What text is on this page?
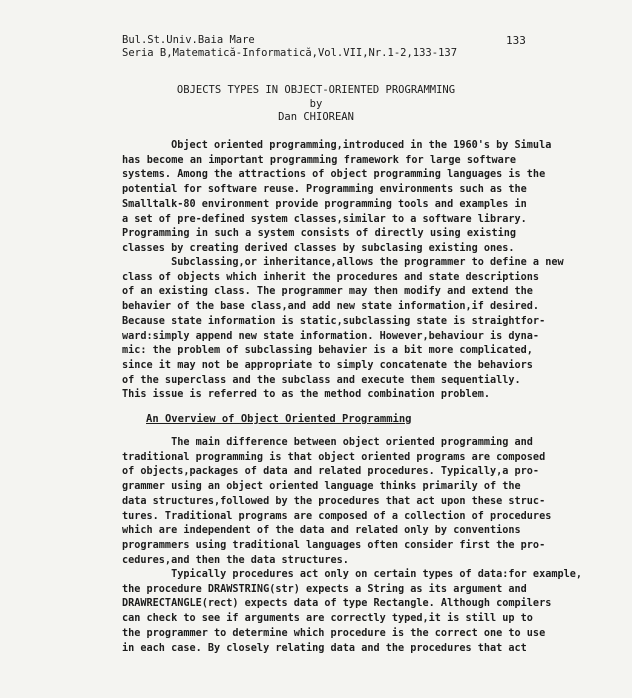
Bul.St.Univ.Baia Mare
Seria B,Matematică-Informatică,Vol.VII,Nr.1-2,133-137
133
OBJECTS TYPES IN OBJECT-ORIENTED PROGRAMMING
by
Dan CHIOREAN
Object oriented programming,introduced in the 1960's by Simula
has become an important programming framework for large software
systems. Among the attractions of object programming languages is the
potential for software reuse. Programming environments such as the
Smalltalk-80 environment provide programming tools and examples in
a set of pre-defined system classes,similar to a software library.
Programming in such a system consists of directly using existing
classes by creating derived classes by subclasing existing ones.
Subclassing,or inheritance,allows the programmer to define a new
class of objects which inherit the procedures and state descriptions
of an existing class. The programmer may then modify and extend the
behavier of the base class,and add new state information,if desired.
Because state information is static,subclassing state is straightfor-
ward:simply append new state information. However,behaviour is dyna-
mic: the problem of subclassing behavier is a bit more complicated,
since it may not be appropriate to simply concatenate the behaviors
of the superclass and the subclass and execute them sequentially.
This issue is referred to as the method combination problem.
An Overview of Object Oriented Programming
The main difference between object oriented programming and
traditional programming is that object oriented programs are composed
of objects,packages of data and related procedures. Typically,a pro-
grammer using an object oriented language thinks primarily of the
data structures,followed by the procedures that act upon these struc-
tures. Traditional programs are composed of a collection of procedures
which are independent of the data and related only by conventions
programmers using traditional languages often consider first the pro-
cedures,and then the data structures.
Typically procedures act only on certain types of data:for example,
the procedure DRAWSTRING(str) expects a String as its argument and
DRAWRECTANGLE(rect) expects data of type Rectangle. Although compilers
can check to see if arguments are correctly typed,it is still up to
the programmer to determine which procedure is the correct one to use
in each case. By closely relating data and the procedures that act
